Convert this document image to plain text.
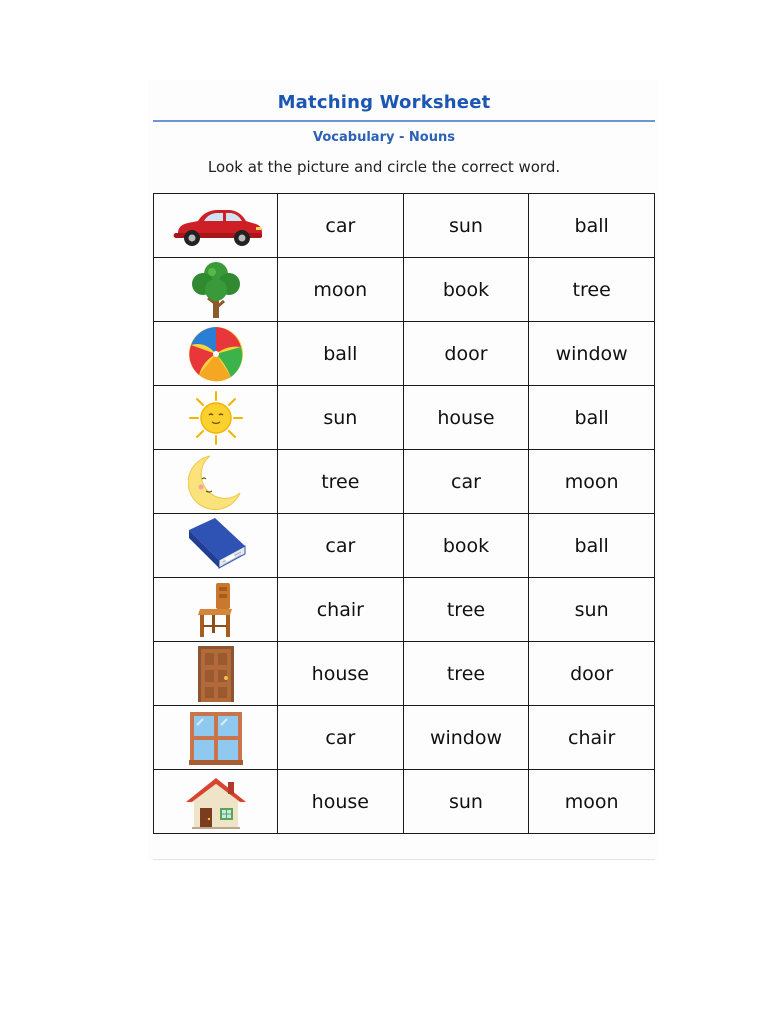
Matching Worksheet
Vocabulary - Nouns
Look at the picture and circle the correct word.
	car	sun	ball

	moon	book	tree

	ball	door	window

	sun	house	ball

	tree	car	moon

	car	book	ball

	chair	tree	sun

	house	tree	door

	car	window	chair

	house	sun	moon
